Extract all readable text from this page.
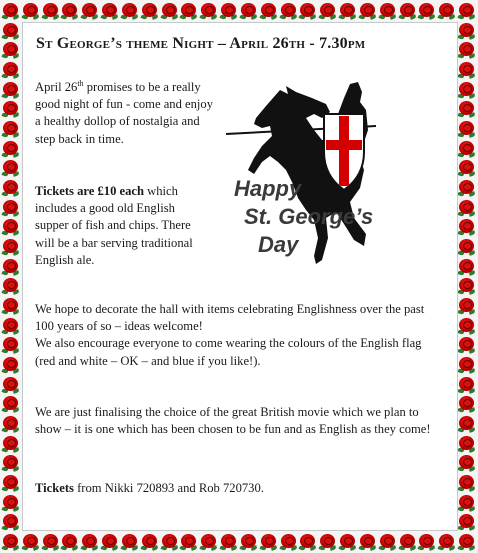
St George’s theme Night – April 26th - 7.30pm

April 26th promises to be a really good night of fun - come and enjoy a healthy dollop of nostalgia and step back in time.

Tickets are £10 each which includes a good old English supper of fish and chips. There will be a bar serving traditional English ale.

We hope to decorate the hall with items celebrating Englishness over the past 100 years of so – ideas welcome!
We also encourage everyone to come wearing the colours of the English flag (red and white – OK – and blue if you like!).

We are just finalising the choice of the great British movie which we plan to show – it is one which has been chosen to be fun and as English as they come!

Tickets from Nikki 720893 and Rob 720730.

Happy
St. George’s
Day
